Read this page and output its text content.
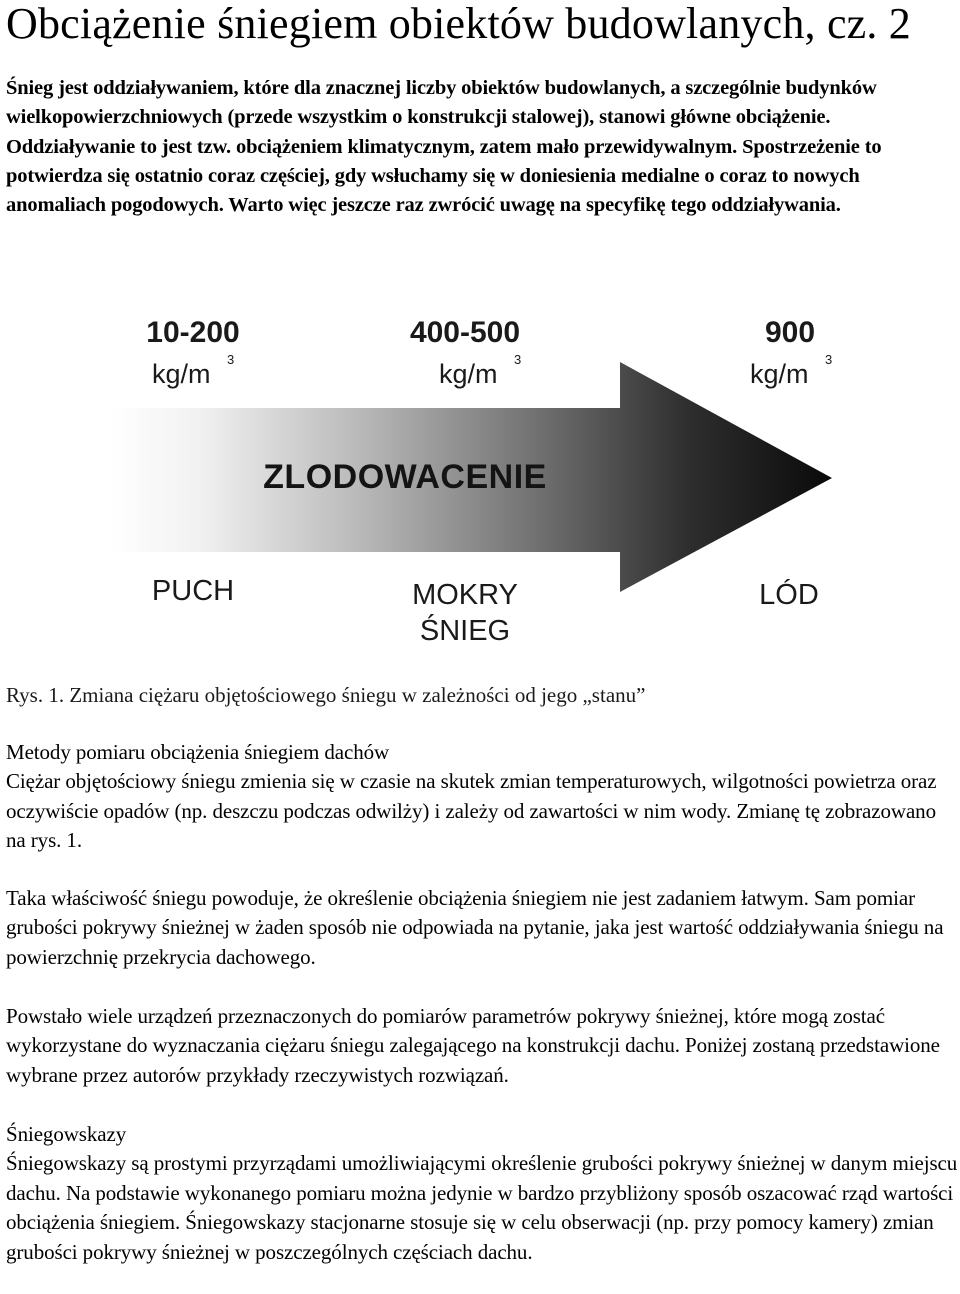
Obciążenie śniegiem obiektów budowlanych, cz. 2

Śnieg jest oddziaływaniem, które dla znacznej liczby obiektów budowlanych, a szczególnie budynków wielkopowierzchniowych (przede wszystkim o konstrukcji stalowej), stanowi główne obciążenie. Oddziaływanie to jest tzw. obciążeniem klimatycznym, zatem mało przewidywalnym. Spostrzeżenie to potwierdza się ostatnio coraz częściej, gdy wsłuchamy się w doniesienia medialne o coraz to nowych anomaliach pogodowych. Warto więc jeszcze raz zwrócić uwagę na specyfikę tego oddziaływania.

10-200	400-500	900
kg/m 3	kg/m 3	kg/m 3
ZLODOWACENIE
PUCH	MOKRY
ŚNIEG
LÓD
Rys. 1. Zmiana ciężaru objętościowego śniegu w zależności od jego „stanu”

Metody pomiaru obciążenia śniegiem dachów

Ciężar objętościowy śniegu zmienia się w czasie na skutek zmian temperaturowych, wilgotności powietrza oraz oczywiście opadów (np. deszczu podczas odwilży) i zależy od zawartości w nim wody. Zmianę tę zobrazowano na rys. 1.

Taka właściwość śniegu powoduje, że określenie obciążenia śniegiem nie jest zadaniem łatwym. Sam pomiar grubości pokrywy śnieżnej w żaden sposób nie odpowiada na pytanie, jaka jest wartość oddziaływania śniegu na powierzchnię przekrycia dachowego.

Powstało wiele urządzeń przeznaczonych do pomiarów parametrów pokrywy śnieżnej, które mogą zostać wykorzystane do wyznaczania ciężaru śniegu zalegającego na konstrukcji dachu. Poniżej zostaną przedstawione wybrane przez autorów przykłady rzeczywistych rozwiązań.

Śniegowskazy

Śniegowskazy są prostymi przyrządami umożliwiającymi określenie grubości pokrywy śnieżnej w danym miejscu dachu. Na podstawie wykonanego pomiaru można jedynie w bardzo przybliżony sposób oszacować rząd wartości obciążenia śniegiem. Śniegowskazy stacjonarne stosuje się w celu obserwacji (np. przy pomocy kamery) zmian grubości pokrywy śnieżnej w poszczególnych częściach dachu.
